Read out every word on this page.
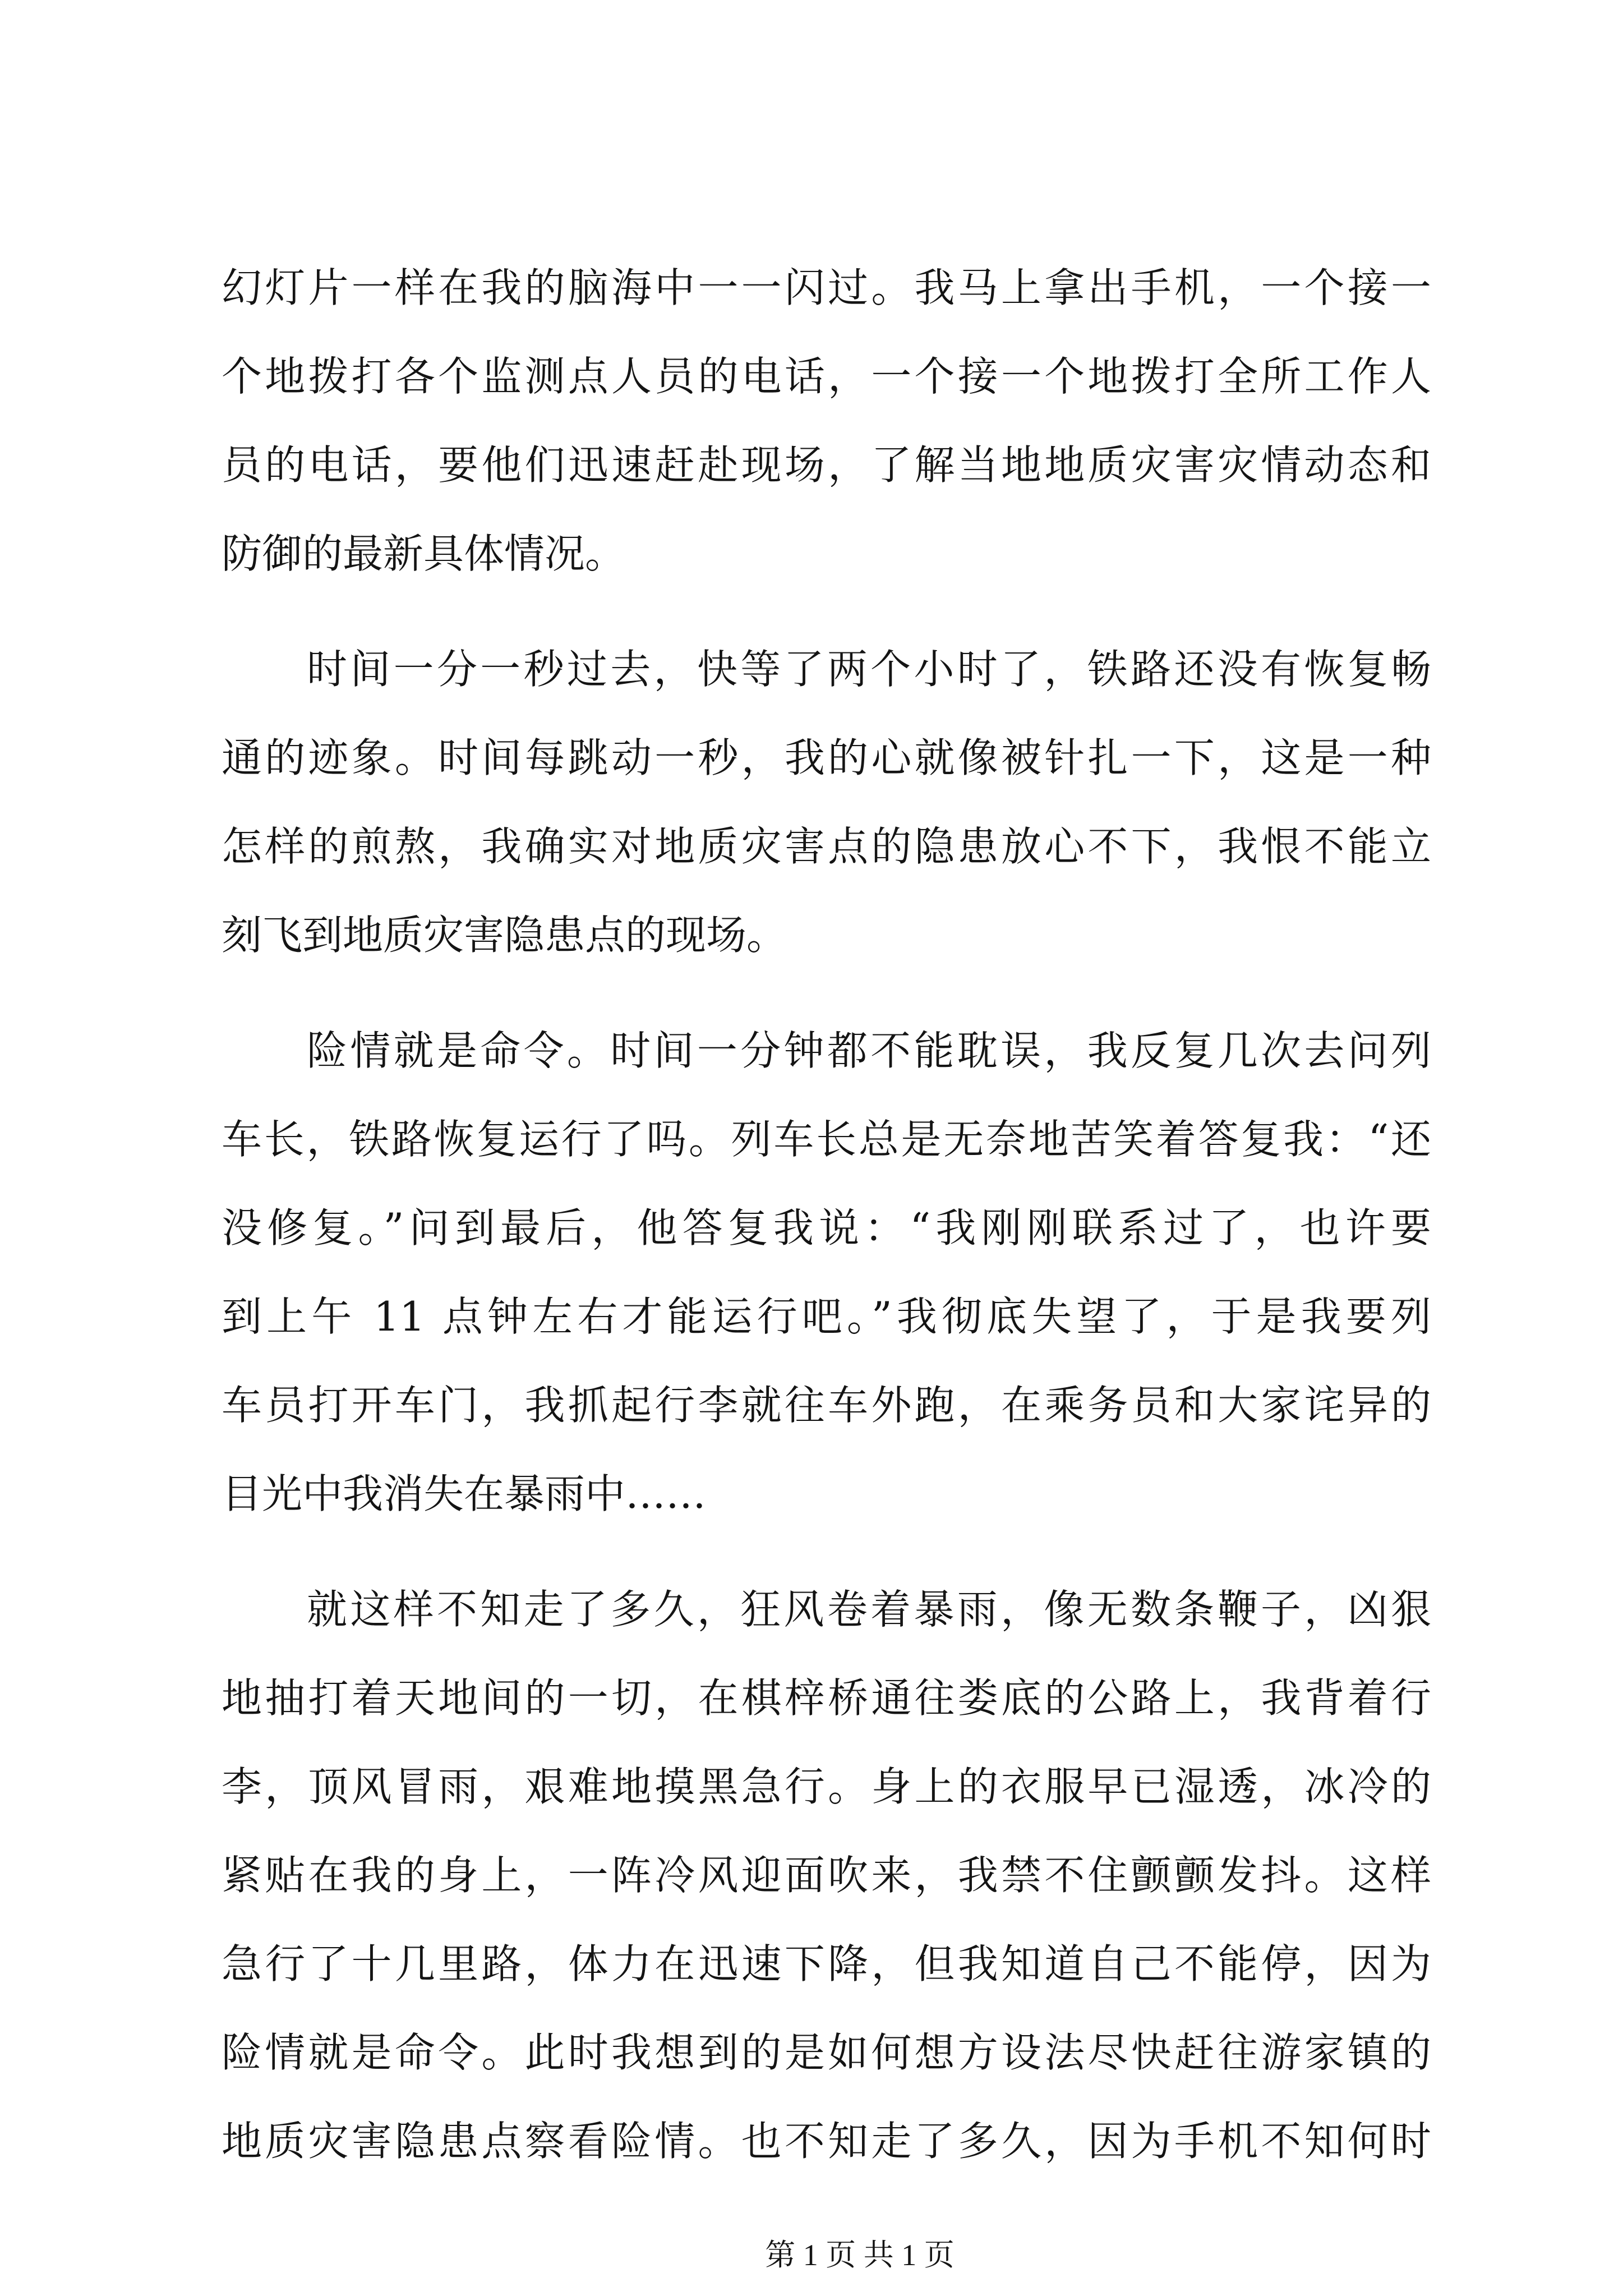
幻灯片一样在我的脑海中一一闪过。我马上拿出手机，一个接一
个地拨打各个监测点人员的电话，一个接一个地拨打全所工作人
员的电话，要他们迅速赶赴现场，了解当地地质灾害灾情动态和
防御的最新具体情况。
时间一分一秒过去，快等了两个小时了，铁路还没有恢复畅
通的迹象。时间每跳动一秒，我的心就像被针扎一下，这是一种
怎样的煎熬，我确实对地质灾害点的隐患放心不下，我恨不能立
刻飞到地质灾害隐患点的现场。
险情就是命令。时间一分钟都不能耽误，我反复几次去问列
车长，铁路恢复运行了吗。列车长总是无奈地苦笑着答复我：“还
没修复。”问到最后，他答复我说：“我刚刚联系过了，也许要
到上午 11 点钟左右才能运行吧。”我彻底失望了，于是我要列
车员打开车门，我抓起行李就往车外跑，在乘务员和大家诧异的
目光中我消失在暴雨中……
就这样不知走了多久，狂风卷着暴雨，像无数条鞭子，凶狠
地抽打着天地间的一切，在棋梓桥通往娄底的公路上，我背着行
李，顶风冒雨，艰难地摸黑急行。身上的衣服早已湿透，冰冷的
紧贴在我的身上，一阵冷风迎面吹来，我禁不住颤颤发抖。这样
急行了十几里路，体力在迅速下降，但我知道自己不能停，因为
险情就是命令。此时我想到的是如何想方设法尽快赶往游家镇的
地质灾害隐患点察看险情。也不知走了多久，因为手机不知何时
第 1 页 共 1 页
